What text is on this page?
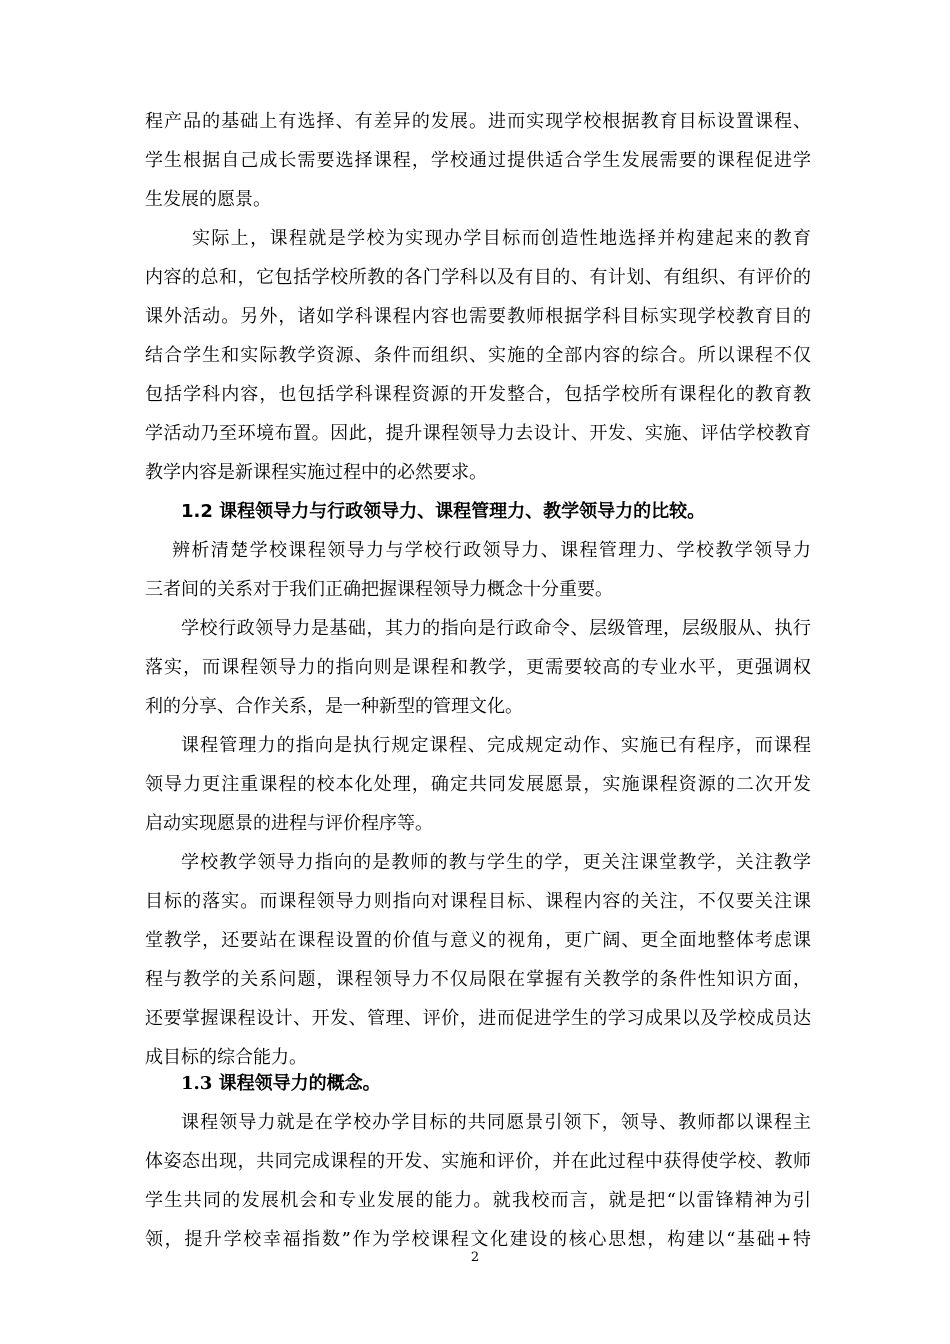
程产品的基础上有选择、有差异的发展。进而实现学校根据教育目标设置课程、
学生根据自己成长需要选择课程，学校通过提供适合学生发展需要的课程促进学
生发展的愿景。
实际上，课程就是学校为实现办学目标而创造性地选择并构建起来的教育
内容的总和，它包括学校所教的各门学科以及有目的、有计划、有组织、有评价的
课外活动。另外，诸如学科课程内容也需要教师根据学科目标实现学校教育目的
结合学生和实际教学资源、条件而组织、实施的全部内容的综合。所以课程不仅
包括学科内容，也包括学科课程资源的开发整合，包括学校所有课程化的教育教
学活动乃至环境布置。因此，提升课程领导力去设计、开发、实施、评估学校教育
教学内容是新课程实施过程中的必然要求。
1.2 课程领导力与行政领导力、课程管理力、教学领导力的比较。
辨析清楚学校课程领导力与学校行政领导力、课程管理力、学校教学领导力
三者间的关系对于我们正确把握课程领导力概念十分重要。
学校行政领导力是基础，其力的指向是行政命令、层级管理，层级服从、执行
落实，而课程领导力的指向则是课程和教学，更需要较高的专业水平，更强调权
利的分享、合作关系，是一种新型的管理文化。
课程管理力的指向是执行规定课程、完成规定动作、实施已有程序，而课程
领导力更注重课程的校本化处理，确定共同发展愿景，实施课程资源的二次开发
启动实现愿景的进程与评价程序等。
学校教学领导力指向的是教师的教与学生的学，更关注课堂教学，关注教学
目标的落实。而课程领导力则指向对课程目标、课程内容的关注，不仅要关注课
堂教学，还要站在课程设置的价值与意义的视角，更广阔、更全面地整体考虑课
程与教学的关系问题，课程领导力不仅局限在掌握有关教学的条件性知识方面，
还要掌握课程设计、开发、管理、评价，进而促进学生的学习成果以及学校成员达
成目标的综合能力。
1.3 课程领导力的概念。
课程领导力就是在学校办学目标的共同愿景引领下，领导、教师都以课程主
体姿态出现，共同完成课程的开发、实施和评价，并在此过程中获得使学校、教师
学生共同的发展机会和专业发展的能力。就我校而言，就是把“以雷锋精神为引
领，提升学校幸福指数”作为学校课程文化建设的核心思想，构建以“基础+特
2
